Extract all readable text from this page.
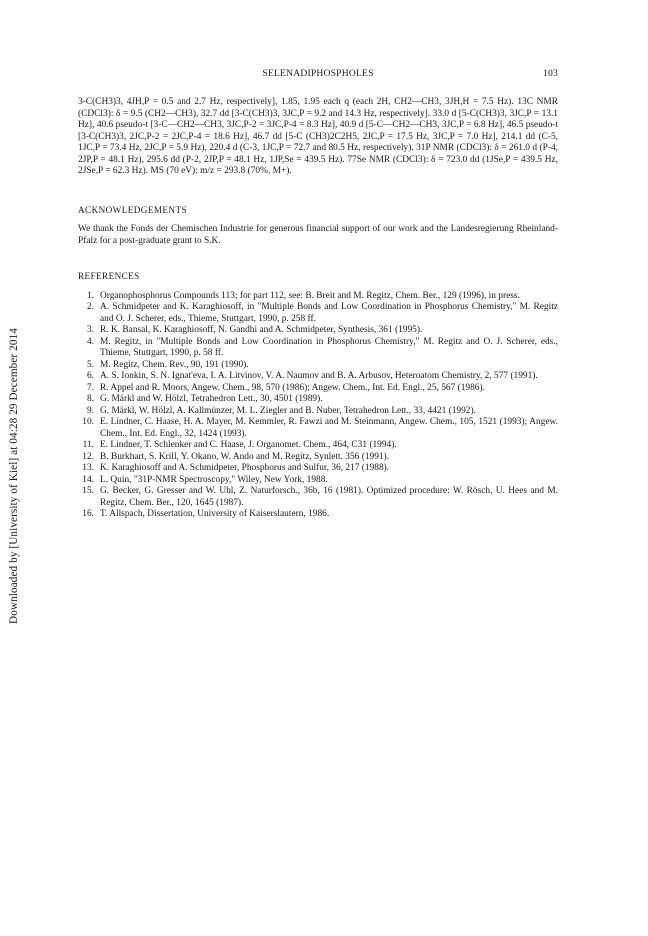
SELENADIPHOSPHOLES	103
Downloaded by [University of Kiel] at 04:28 29 December 2014

3-C(CH3)3, 4JH,P = 0.5 and 2.7 Hz, respectively], 1.85, 1.95 each q (each 2H, CH2—CH3, 3JH,H = 7.5 Hz). 13C NMR (CDCl3): δ = 9.5 (CH2—CH3), 32.7 dd [3-C(CH3)3, 3JC,P = 9.2 and 14.3 Hz, respectively]. 33.0 d [5-C(CH3)3, 3JC,P = 13.1 Hz], 40.6 pseudo-t [3-C—CH2—CH3, 3JC,P-2 = 3JC,P-4 = 8.3 Hz], 40.9 d [5-C—CH2—CH3, 3JC,P = 6.8 Hz], 46.5 pseudo-t [3-C(CH3)3, 2JC,P-2 = 2JC,P-4 = 18.6 Hz], 46.7 dd [5-C (CH3)2C2H5, 2JC,P = 17.5 Hz, 3JC,P = 7.0 Hz], 214.1 dd (C-5, 1JC,P = 73.4 Hz, 2JC,P = 5.9 Hz), 220.4 d (C-3, 1JC,P = 72.7 and 80.5 Hz, respectively). 31P NMR (CDCl3): δ = 261.0 d (P-4, 2JP,P = 48.1 Hz), 295.6 dd (P-2, 2JP,P = 48.1 Hz, 1JP,Se = 439.5 Hz). 77Se NMR (CDCl3): δ = 723.0 dd (1JSe,P = 439.5 Hz, 2JSe,P = 62.3 Hz). MS (70 eV): m/z = 293.8 (70%, M+).

ACKNOWLEDGEMENTS

We thank the Fonds der Chemischen Industrie for generous financial support of our work and the Landesregierung Rheinland-Pfalz for a post-graduate grant to S.K.

REFERENCES
1 . Organophosphorus Compounds 113; for part 112, see: B. Breit and M. Regitz, Chem. Ber., 129 (1996), in press.
2 . A. Schmidpeter and K. Karaghiosoff, in "Multiple Bonds and Low Coordination in Phosphorus Chemistry," M. Regitz and O. J. Scherer, eds., Thieme, Stuttgart, 1990, p. 258 ff.
3 . R. K. Bansal, K. Karaghiosoff, N. Gandhi and A. Schmidpeter, Synthesis, 361 (1995).
4 . M. Regitz, in "Multiple Bonds and Low Coordination in Phosphorus Chemistry," M. Regitz and O. J. Scherer, eds., Thieme, Stuttgart, 1990, p. 58 ff.
5 . M. Regitz, Chem. Rev., 90, 191 (1990).
6 . A. S. Ionkin, S. N. Ignat'eva, I. A. Litvinov, V. A. Naumov and B. A. Arbusov, Heteroatom Chemistry, 2, 577 (1991).
7 . R. Appel and R. Moors, Angew. Chem., 98, 570 (1986); Angew. Chem., Int. Ed. Engl., 25, 567 (1986).
8 . G. Märkl and W. Hölzl, Tetrahedron Lett., 30, 4501 (1989).
9 . G. Märkl, W. Hölzl, A. Kallmünzer, M. L. Ziegler and B. Nuber, Tetrahedron Lett., 33, 4421 (1992).
10 . E. Lindner, C. Haase, H. A. Mayer, M. Kemmler, R. Fawzi and M. Steinmann, Angew. Chem., 105, 1521 (1993); Angew. Chem., Int. Ed. Engl., 32, 1424 (1993).
11 . E. Lindner, T. Schlenker and C. Haase, J. Organomet. Chem., 464, C31 (1994).
12 . B. Burkhart, S. Krill, Y. Okano, W. Ando and M. Regitz, Synlett. 356 (1991).
13 . K. Karaghiosoff and A. Schmidpeter, Phosphorus and Sulfur, 36, 217 (1988).
14 . L. Quin, "31P-NMR Spectroscopy," Wiley, New York, 1988.
15 . G. Becker, G. Gresser and W. Uhl, Z. Naturforsch., 36b, 16 (1981). Optimized procedure: W. Rösch, U. Hees and M. Regitz, Chem. Ber., 120, 1645 (1987).
16 . T. Allspach, Dissertation, University of Kaiserslautern, 1986.
